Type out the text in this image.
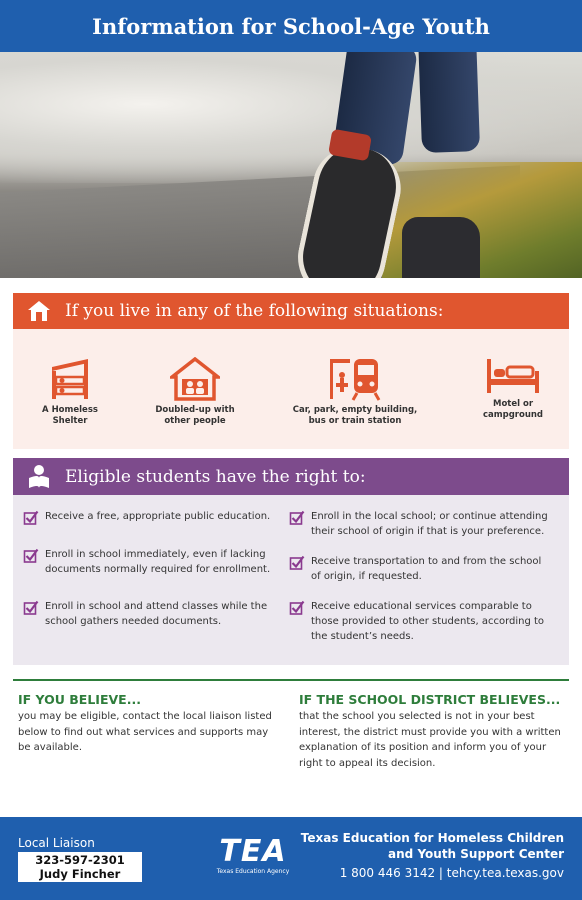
Information for School-Age Youth
If you live in any of the following situations:
A Homeless
Shelter
Doubled-up with
other people
Car, park, empty building,
bus or train station
Motel or
campground
Eligible students have the right to:
Receive a free, appropriate public education.
Enroll in school immediately, even if lacking
documents normally required for enrollment.
Enroll in school and attend classes while the
school gathers needed documents.
Enroll in the local school; or continue attending
their school of origin if that is your preference.
Receive transportation to and from the school
of origin, if requested.
Receive educational services comparable to
those provided to other students, according to
the student’s needs.
IF YOU BELIEVE...

you may be eligible, contact the local liaison listed
below to find out what services and supports may
be available.

IF THE SCHOOL DISTRICT BELIEVES...

that the school you selected is not in your best
interest, the district must provide you with a written
explanation of its position and inform you of your
right to appeal its decision.

Local Liaison
323-597-2301
Judy Fincher
TEA
Texas Education Agency
Texas Education for Homeless Children
and Youth Support Center
1 800 446 3142 | tehcy.tea.texas.gov
